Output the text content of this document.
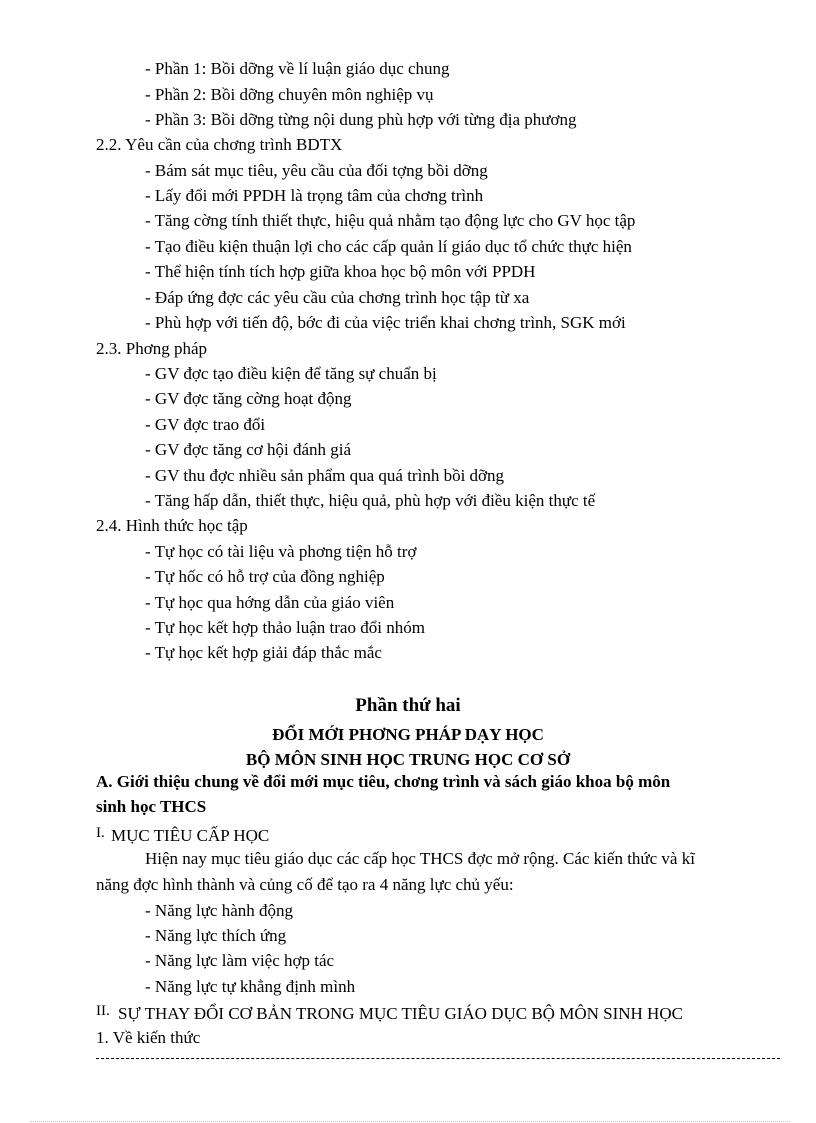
- Phần 1: Bồi dỡng về lí luận giáo dục chung
- Phần 2: Bồi dỡng chuyên môn nghiệp vụ
- Phần 3: Bồi dỡng từng nội dung phù hợp với từng địa phương
2.2. Yêu cần của chơng trình BDTX
- Bám sát mục tiêu, yêu cầu của đối tợng bồi dỡng
- Lấy đổi mới PPDH là trọng tâm của chơng trình
- Tăng cờng tính thiết thực, hiệu quả nhằm tạo động lực cho GV học tập
- Tạo điều kiện thuận lợi cho các cấp quản lí giáo dục tổ chức thực hiện
- Thể hiện tính tích hợp giữa khoa học bộ môn với PPDH
- Đáp ứng đợc các yêu cầu của chơng trình học tập từ xa
- Phù hợp với tiến độ, bớc đi của việc triển khai chơng trình, SGK mới
2.3. Phơng pháp
- GV đợc tạo điều kiện để tăng sự chuẩn bị
- GV đợc tăng cờng hoạt động
- GV đợc trao đổi
- GV đợc tăng cơ hội đánh giá
- GV thu đợc nhiều sản phẩm qua quá trình bồi dỡng
- Tăng hấp dẫn, thiết thực, hiệu quả, phù hợp với điều kiện thực tế
2.4. Hình thức học tập
- Tự học có tài liệu và phơng tiện hỗ trợ
- Tự hốc có hỗ trợ của đồng nghiệp
- Tự học qua hớng dẫn của giáo viên
- Tự học kết hợp thảo luận trao đổi nhóm
- Tự học kết hợp giải đáp thắc mắc
Phần thứ hai
ĐỔI MỚI PHƠNG PHÁP DẠY HỌC
BỘ MÔN SINH HỌC TRUNG HỌC CƠ SỞ
A. Giới thiệu chung về đổi mới mục tiêu, chơng trình và sách giáo khoa bộ môn
sinh học THCS
I. MỤC TIÊU CẤP HỌC
Hiện nay mục tiêu giáo dục các cấp học THCS đợc mở rộng. Các kiến thức và kĩ
năng đợc hình thành và củng cố để tạo ra 4 năng lực chủ yếu:
- Năng lực hành động
- Năng lực thích ứng
- Năng lực làm việc hợp tác
- Năng lực tự khẳng định mình
II. SỰ THAY ĐỔI CƠ BẢN TRONG MỤC TIÊU GIÁO DỤC BỘ MÔN SINH HỌC
1. Về kiến thức
